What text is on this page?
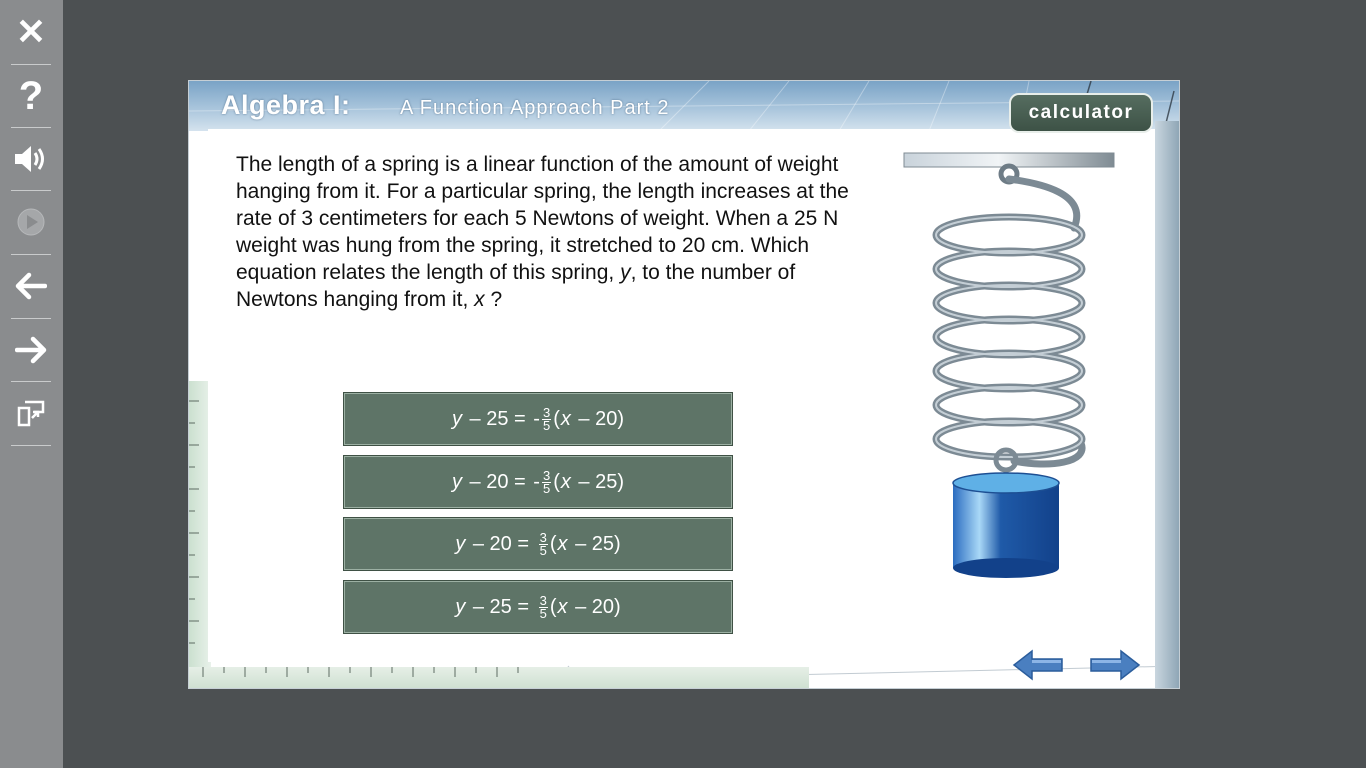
✕
?	Algebra I: A Function Approach Part 2	calculator

The length of a spring is a linear function of the amount of weight hanging from it. For a particular spring, the length increases at the rate of 3 centimeters for each 5 Newtons of weight. When a 25 N weight was hung from the spring, it stretched to 20 cm. Which equation relates the length of this spring, y, to the number of Newtons hanging from it, x ?

y
– 25 =
- $\frac{3}{5}$ ( x
– 20)
y
– 20 =
- $\frac{3}{5}$ ( x
– 25)
y
– 20 =
$\frac{3}{5}$ ( x
– 25)
y
– 25 =
$\frac{3}{5}$ ( x
– 20)
